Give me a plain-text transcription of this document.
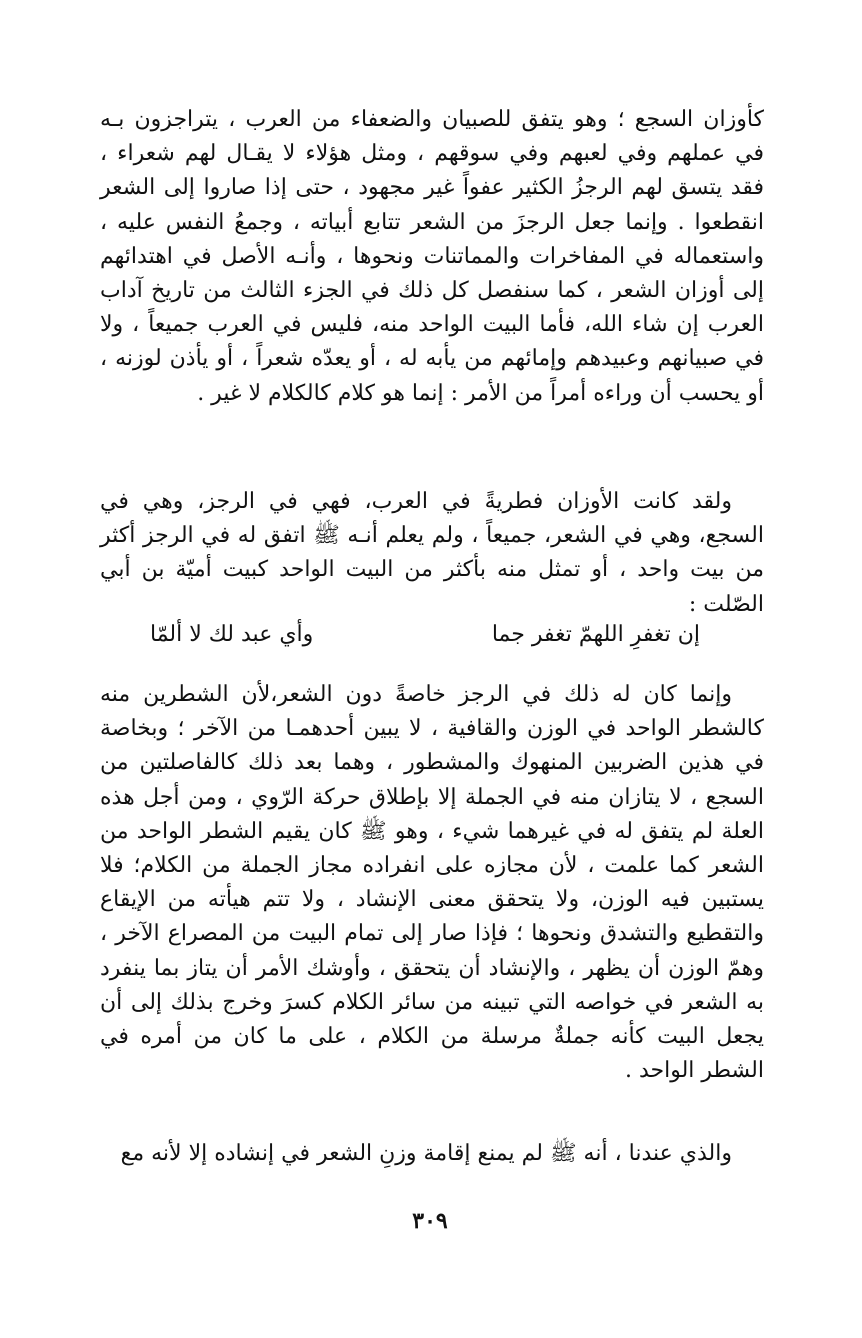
كأوزان السجع ؛ وهو يتفق للصبيان والضعفاء من العرب ، يتراجزون بـه في عملهم وفي لعبهم وفي سوقهم ، ومثل هؤلاء لا يقـال لهم شعراء ، فقد يتسق لهم الرجزُ الكثير عفواً غير مجهود ، حتى إذا صاروا إلى الشعر انقطعوا . وإنما جعل الرجزَ من الشعر تتابع أبياته ، وجمعُ النفس عليه ، واستعماله في المفاخرات والمماتنات ونحوها ، وأنـه الأصل في اهتدائهم إلى أوزان الشعر ، كما سنفصل كل ذلك في الجزء الثالث من تاريخ آداب العرب إن شاء الله، فأما البيت الواحد منه، فليس في العرب جميعاً ، ولا في صبيانهم وعبيدهم وإمائهم من يأبه له ، أو يعدّه شعراً ، أو يأذن لوزنه ، أو يحسب أن وراءه أمراً من الأمر : إنما هو كلام كالكلام لا غير .

ولقد كانت الأوزان فطريةً في العرب، فهي في الرجز، وهي في السجع، وهي في الشعر، جميعاً ، ولم يعلم أنـه ﷺ اتفق له في الرجز أكثر من بيت واحد ، أو تمثل منه بأكثر من البيت الواحد كبيت أميّة بن أبي الصّلت :

إن تغفرِ اللهمّ تغفر جما
وأي عبد لك لا ألمّا

وإنما كان له ذلك في الرجز خاصةً دون الشعر،لأن الشطرين منه كالشطر الواحد في الوزن والقافية ، لا يبين أحدهمـا من الآخر ؛ وبخاصة في هذين الضربين المنهوك والمشطور ، وهما بعد ذلك كالفاصلتين من السجع ، لا يتازان منه في الجملة إلا بإطلاق حركة الرّوي ، ومن أجل هذه العلة لم يتفق له في غيرهما شيء ، وهو ﷺ كان يقيم الشطر الواحد من الشعر كما علمت ، لأن مجازه على انفراده مجاز الجملة من الكلام؛ فلا يستبين فيه الوزن، ولا يتحقق معنى الإنشاد ، ولا تتم هيأته من الإيقاع والتقطيع والتشدق ونحوها ؛ فإذا صار إلى تمام البيت من المصراع الآخر ، وهمّ الوزن أن يظهر ، والإنشاد أن يتحقق ، وأوشك الأمر أن يتاز بما ينفرد به الشعر في خواصه التي تبينه من سائر الكلام كسرَ وخرج بذلك إلى أن يجعل البيت كأنه جملةٌ مرسلة من الكلام ، على ما كان من أمره في الشطر الواحد .

والذي عندنا ، أنه ﷺ لم يمنع إقامة وزنِ الشعر في إنشاده إلا لأنه مع

٣٠٩
